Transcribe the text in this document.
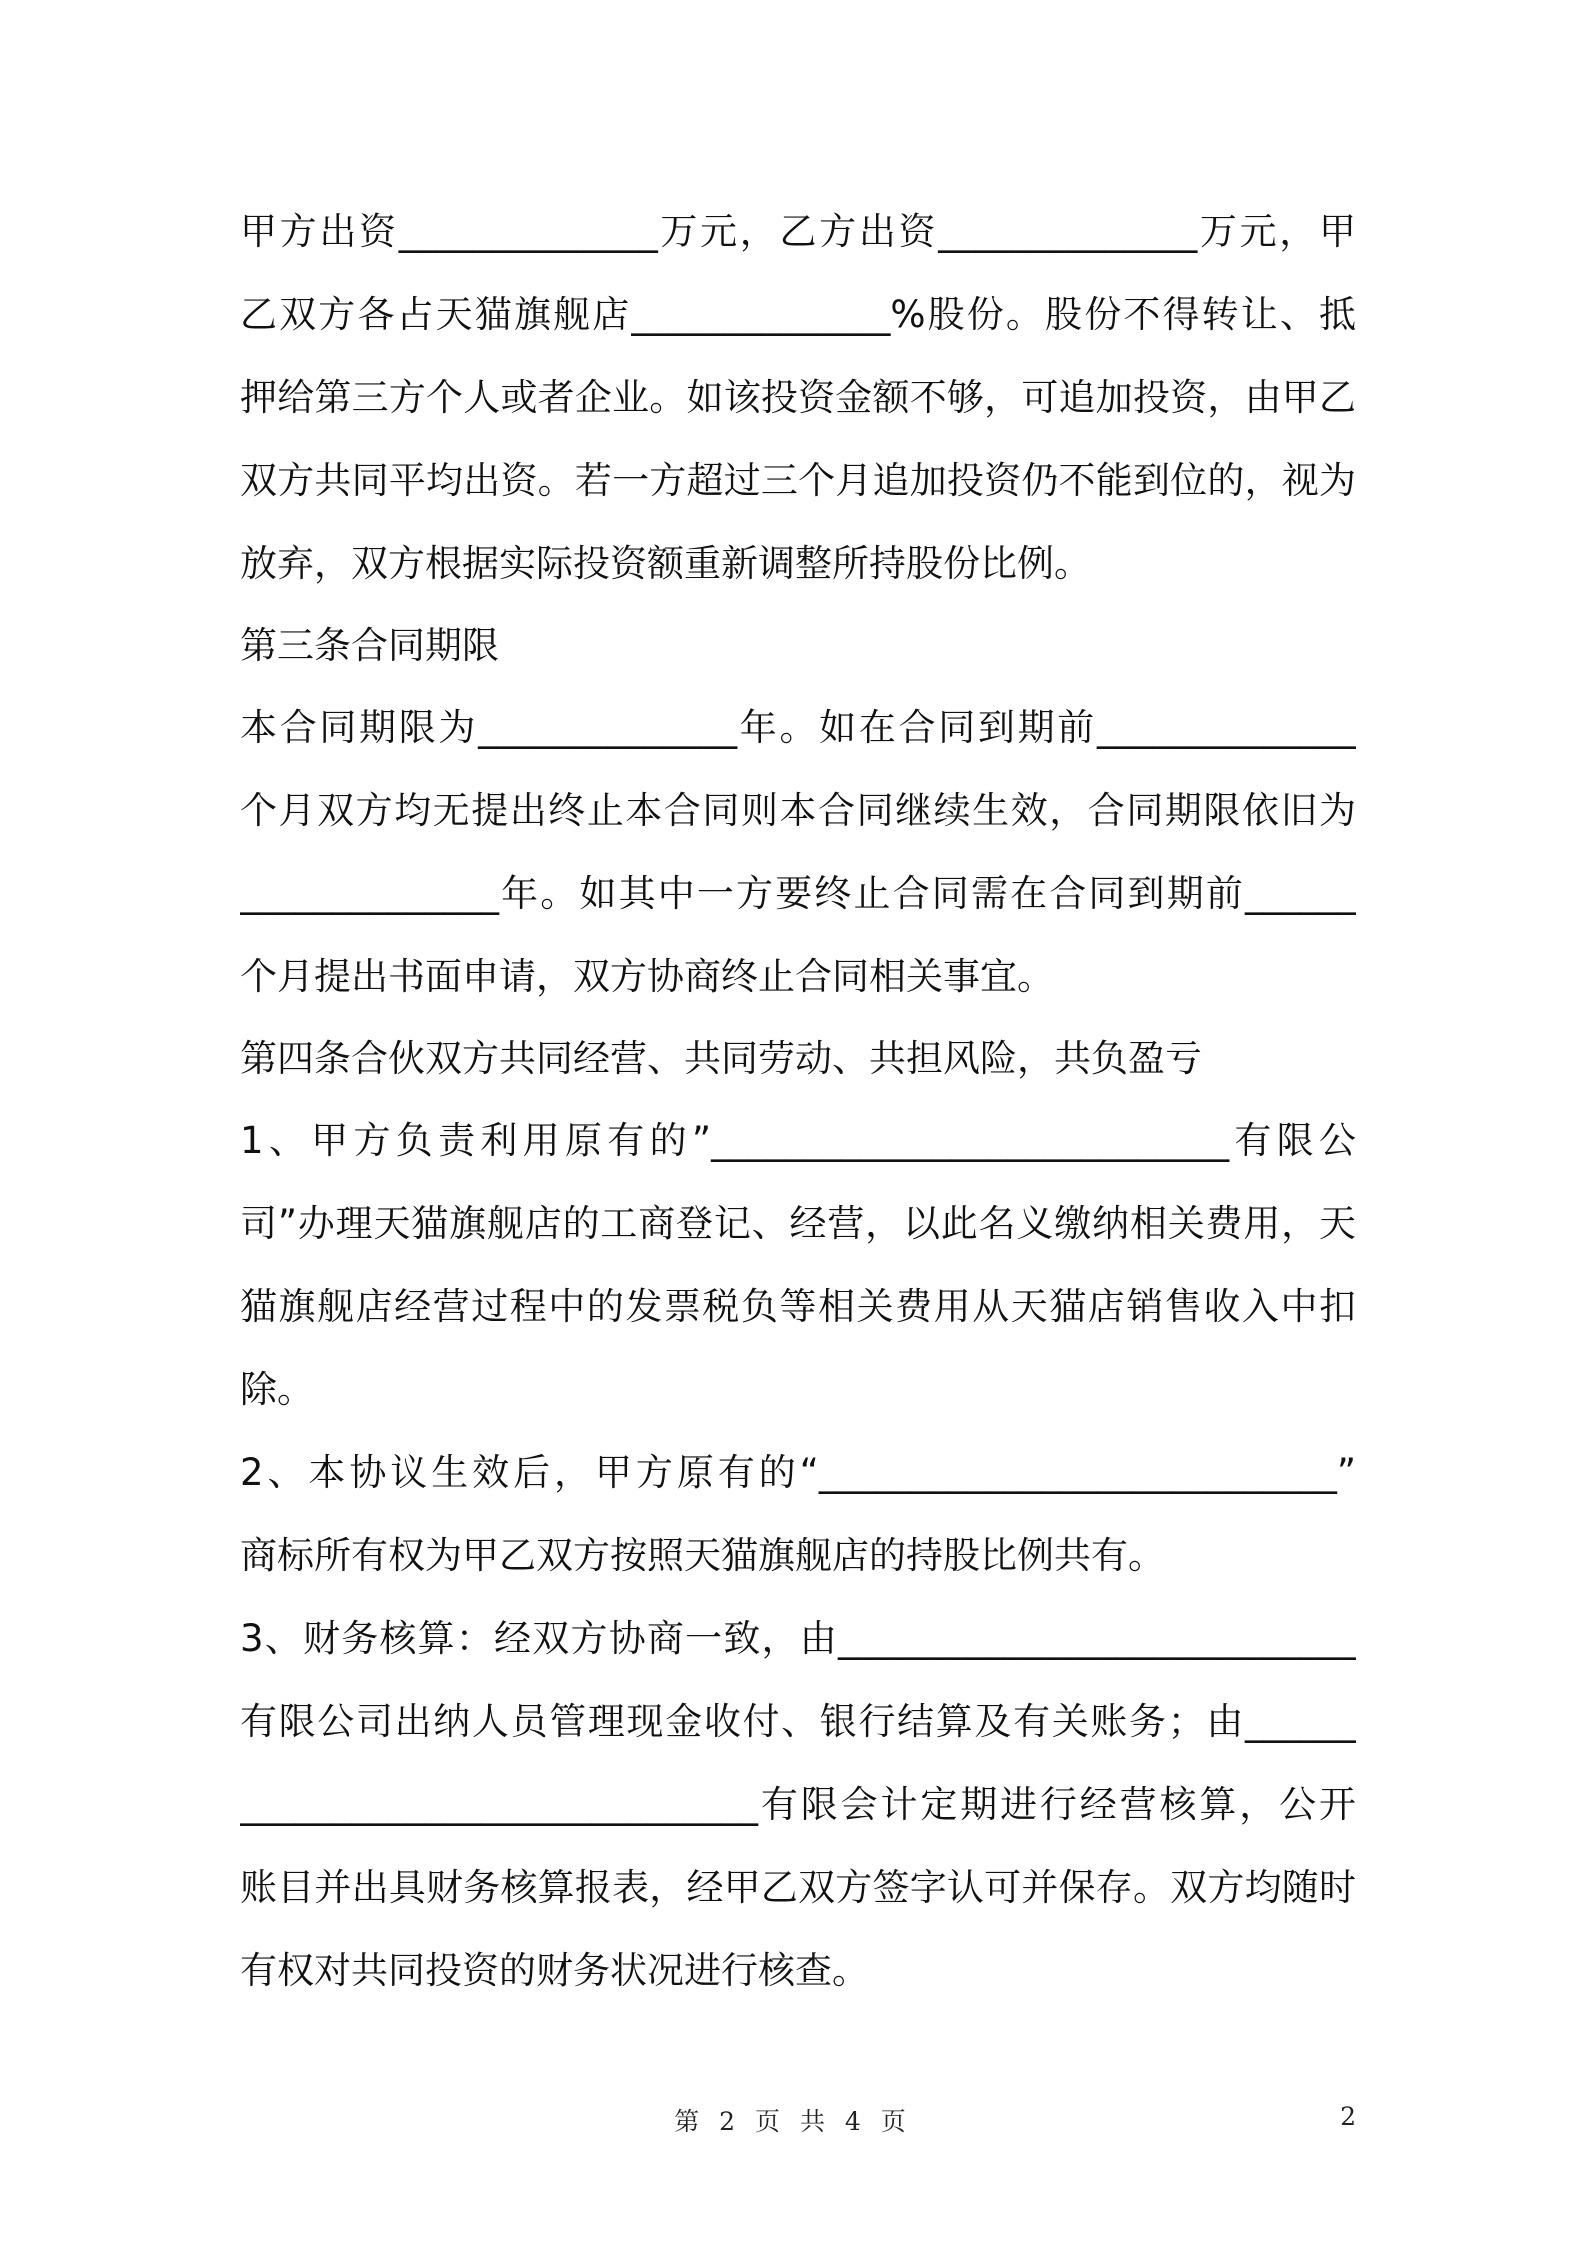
甲方出资______________万元，乙方出资______________万元，甲
乙双方各占天猫旗舰店______________%股份。股份不得转让、抵
押给第三方个人或者企业。如该投资金额不够，可追加投资，由甲乙
双方共同平均出资。若一方超过三个月追加投资仍不能到位的，视为
放弃，双方根据实际投资额重新调整所持股份比例。
第三条合同期限
本合同期限为______________年。如在合同到期前______________
个月双方均无提出终止本合同则本合同继续生效，合同期限依旧为
______________年。如其中一方要终止合同需在合同到期前______
个月提出书面申请，双方协商终止合同相关事宜。
第四条合伙双方共同经营、共同劳动、共担风险，共负盈亏
1、甲方负责利用原有的”____________________________有限公
司”办理天猫旗舰店的工商登记、经营，以此名义缴纳相关费用，天
猫旗舰店经营过程中的发票税负等相关费用从天猫店销售收入中扣
除。
2、本协议生效后，甲方原有的“____________________________”
商标所有权为甲乙双方按照天猫旗舰店的持股比例共有。
3、财务核算：经双方协商一致，由____________________________
有限公司出纳人员管理现金收付、银行结算及有关账务；由______
____________________________有限会计定期进行经营核算，公开
账目并出具财务核算报表，经甲乙双方签字认可并保存。双方均随时
有权对共同投资的财务状况进行核查。
第 2 页 共 4 页	2
